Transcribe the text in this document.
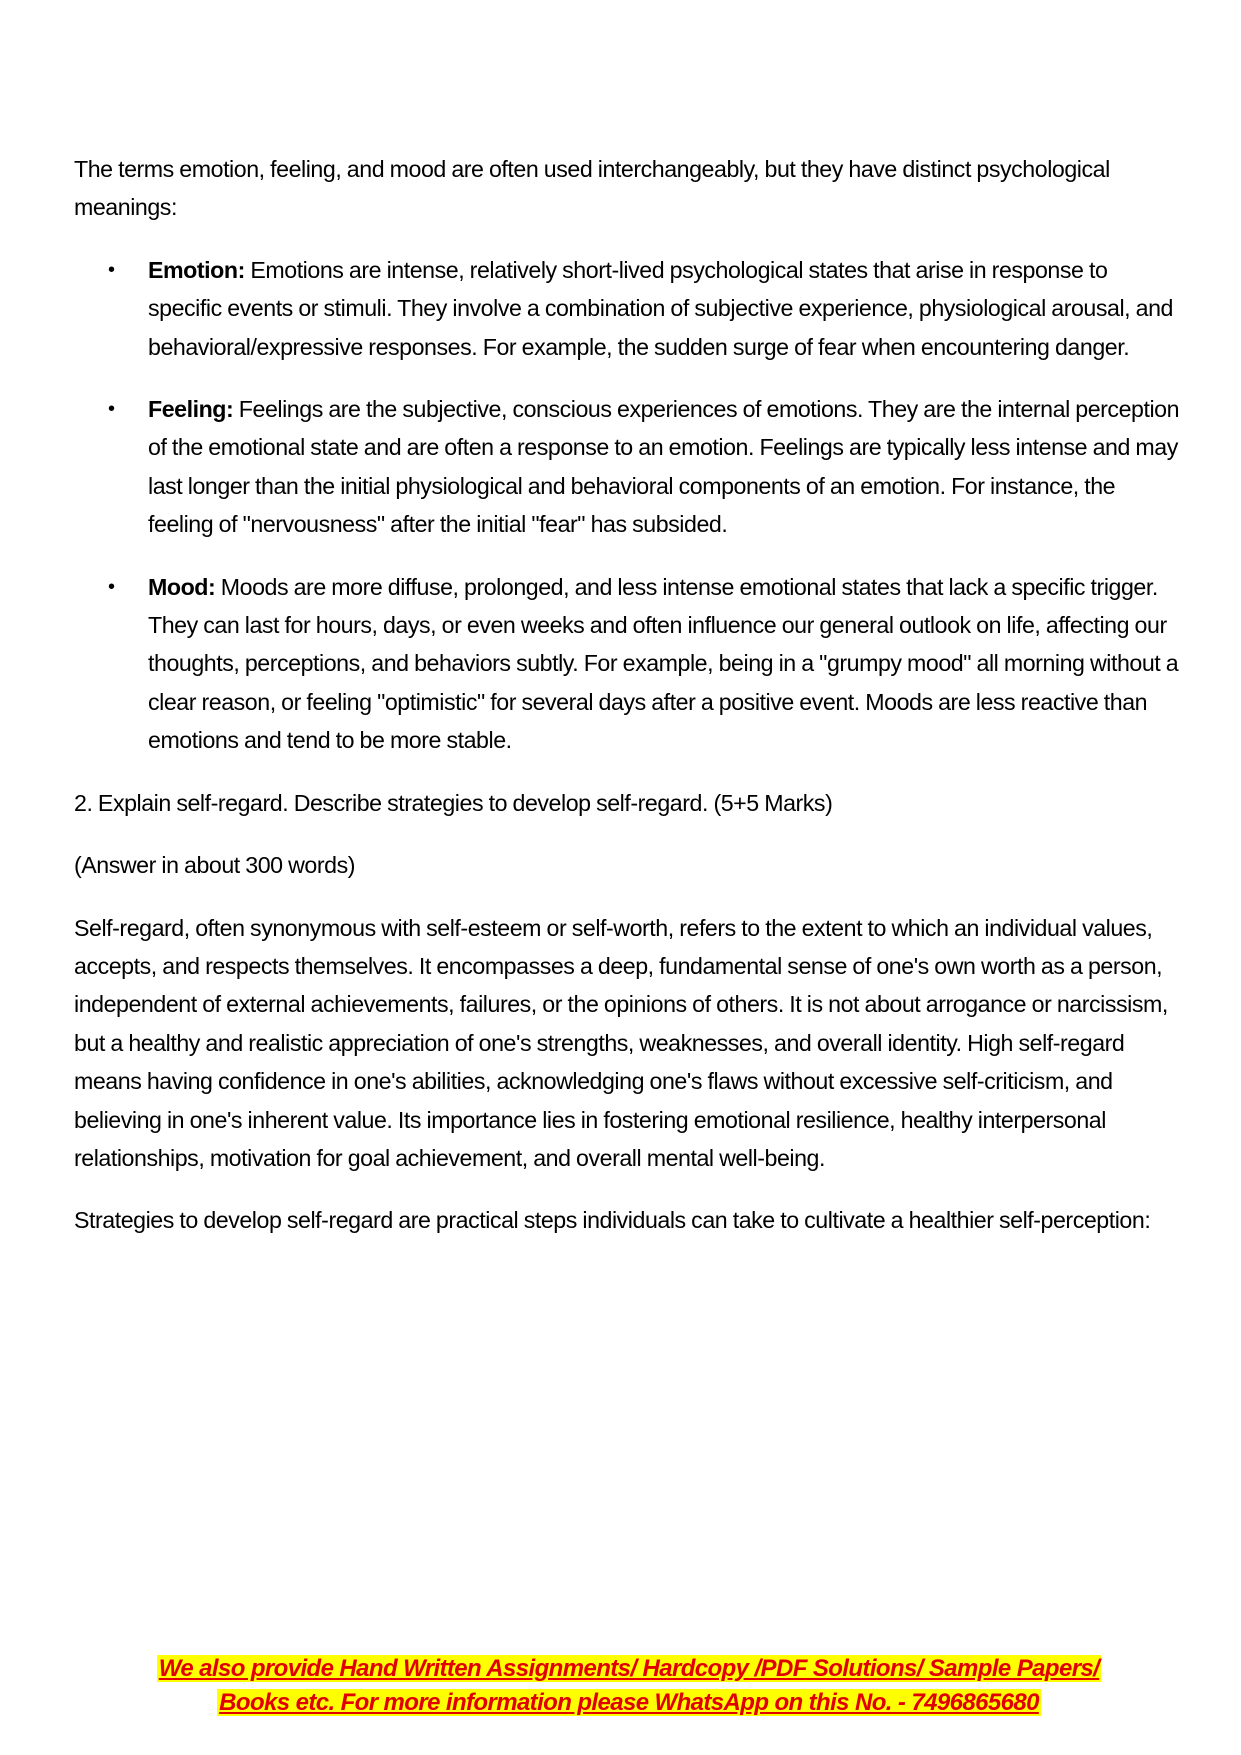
The terms emotion, feeling, and mood are often used interchangeably, but they have distinct psychological meanings:

• Emotion: Emotions are intense, relatively short-lived psychological states that arise in response to specific events or stimuli. They involve a combination of subjective experience, physiological arousal, and behavioral/expressive responses. For example, the sudden surge of fear when encountering danger.
• Feeling: Feelings are the subjective, conscious experiences of emotions. They are the internal perception of the emotional state and are often a response to an emotion. Feelings are typically less intense and may last longer than the initial physiological and behavioral components of an emotion. For instance, the feeling of "nervousness" after the initial "fear" has subsided.
• Mood: Moods are more diffuse, prolonged, and less intense emotional states that lack a specific trigger. They can last for hours, days, or even weeks and often influence our general outlook on life, affecting our thoughts, perceptions, and behaviors subtly. For example, being in a "grumpy mood" all morning without a clear reason, or feeling "optimistic" for several days after a positive event. Moods are less reactive than emotions and tend to be more stable.

2. Explain self-regard. Describe strategies to develop self-regard. (5+5 Marks)

(Answer in about 300 words)

Self-regard, often synonymous with self-esteem or self-worth, refers to the extent to which an individual values, accepts, and respects themselves. It encompasses a deep, fundamental sense of one's own worth as a person, independent of external achievements, failures, or the opinions of others. It is not about arrogance or narcissism, but a healthy and realistic appreciation of one's strengths, weaknesses, and overall identity. High self-regard means having confidence in one's abilities, acknowledging one's flaws without excessive self-criticism, and believing in one's inherent value. Its importance lies in fostering emotional resilience, healthy interpersonal relationships, motivation for goal achievement, and overall mental well-being.

Strategies to develop self-regard are practical steps individuals can take to cultivate a healthier self-perception:

We also provide Hand Written Assignments/ Hardcopy /PDF Solutions/ Sample Papers/
Books etc. For more information please WhatsApp on this No. - 7496865680
